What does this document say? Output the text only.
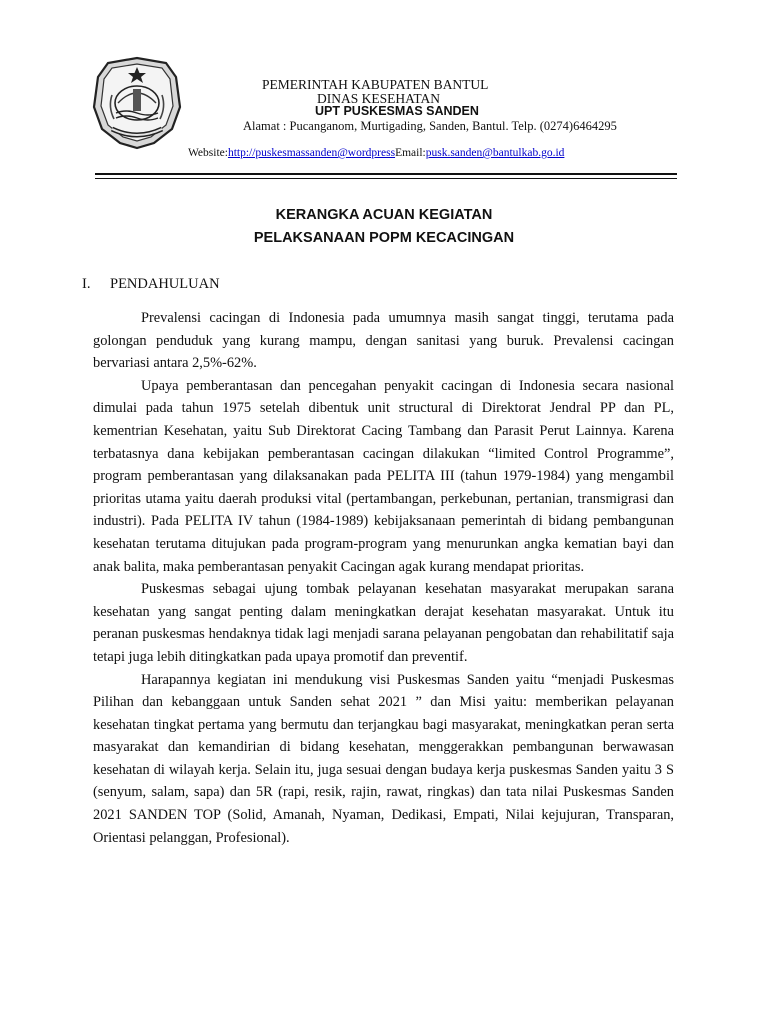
PEMERINTAH KABUPATEN BANTUL
DINAS KESEHATAN
UPT PUSKESMAS SANDEN
Alamat : Pucanganom, Murtigading, Sanden, Bantul. Telp. (0274)6464295
Website:http://puskesmassanden@wordpressEmail:pusk.sanden@bantulkab.go.id
KERANGKA ACUAN KEGIATAN
PELAKSANAAN POPM KECACINGAN
I. PENDAHULUAN

Prevalensi cacingan di Indonesia pada umumnya masih sangat tinggi, terutama pada golongan penduduk yang kurang mampu, dengan sanitasi yang buruk. Prevalensi cacingan bervariasi antara 2,5%-62%.

Upaya pemberantasan dan pencegahan penyakit cacingan di Indonesia secara nasional dimulai pada tahun 1975 setelah dibentuk unit structural di Direktorat Jendral PP dan PL, kementrian Kesehatan, yaitu Sub Direktorat Cacing Tambang dan Parasit Perut Lainnya. Karena terbatasnya dana kebijakan pemberantasan cacingan dilakukan “limited Control Programme”, program pemberantasan yang dilaksanakan pada PELITA III (tahun 1979-1984) yang mengambil prioritas utama yaitu daerah produksi vital (pertambangan, perkebunan, pertanian, transmigrasi dan industri). Pada PELITA IV tahun (1984-1989) kebijaksanaan pemerintah di bidang pembangunan kesehatan terutama ditujukan pada program-program yang menurunkan angka kematian bayi dan anak balita, maka pemberantasan penyakit Cacingan agak kurang mendapat prioritas.

Puskesmas sebagai ujung tombak pelayanan kesehatan masyarakat merupakan sarana kesehatan yang sangat penting dalam meningkatkan derajat kesehatan masyarakat. Untuk itu peranan puskesmas hendaknya tidak lagi menjadi sarana pelayanan pengobatan dan rehabilitatif saja tetapi juga lebih ditingkatkan pada upaya promotif dan preventif.

Harapannya kegiatan ini mendukung visi Puskesmas Sanden yaitu “menjadi Puskesmas Pilihan dan kebanggaan untuk Sanden sehat 2021 ” dan Misi yaitu: memberikan pelayanan kesehatan tingkat pertama yang bermutu dan terjangkau bagi masyarakat, meningkatkan peran serta masyarakat dan kemandirian di bidang kesehatan, menggerakkan pembangunan berwawasan kesehatan di wilayah kerja. Selain itu, juga sesuai dengan budaya kerja puskesmas Sanden yaitu 3 S (senyum, salam, sapa) dan 5R (rapi, resik, rajin, rawat, ringkas) dan tata nilai Puskesmas Sanden 2021 SANDEN TOP (Solid, Amanah, Nyaman, Dedikasi, Empati, Nilai kejujuran, Transparan, Orientasi pelanggan, Profesional).
